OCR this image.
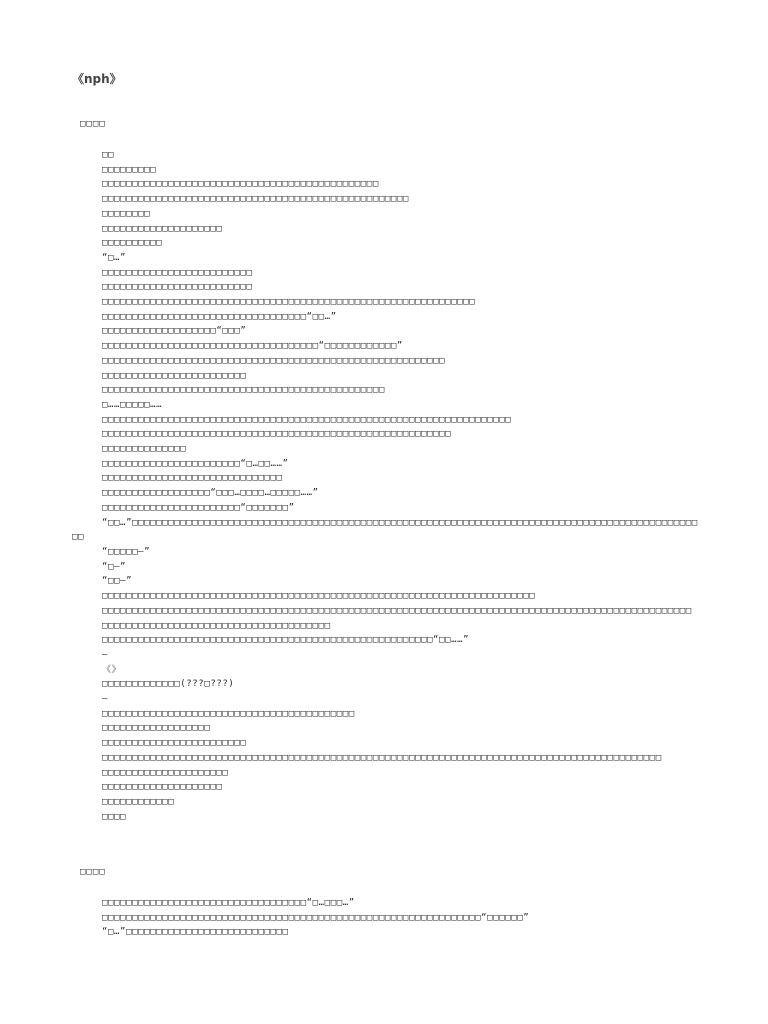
《nph》
□□□□

□□

□□□□□□□□□

□□□□□□□□□□□□□□□□□□□□□□□□□□□□□□□□□□□□□□□□□□□□□□

□□□□□□□□□□□□□□□□□□□□□□□□□□□□□□□□□□□□□□□□□□□□□□□□□□□

□□□□□□□□

□□□□□□□□□□□□□□□□□□□□

□□□□□□□□□□

“□…”

□□□□□□□□□□□□□□□□□□□□□□□□□

□□□□□□□□□□□□□□□□□□□□□□□□□

□□□□□□□□□□□□□□□□□□□□□□□□□□□□□□□□□□□□□□□□□□□□□□□□□□□□□□□□□□□□□□

□□□□□□□□□□□□□□□□□□□□□□□□□□□□□□□□□□“□□…”

□□□□□□□□□□□□□□□□□□□“□□□”

□□□□□□□□□□□□□□□□□□□□□□□□□□□□□□□□□□□□“□□□□□□□□□□□□”

□□□□□□□□□□□□□□□□□□□□□□□□□□□□□□□□□□□□□□□□□□□□□□□□□□□□□□□□□

□□□□□□□□□□□□□□□□□□□□□□□□

□□□□□□□□□□□□□□□□□□□□□□□□□□□□□□□□□□□□□□□□□□□□□□□

□……□□□□□……

□□□□□□□□□□□□□□□□□□□□□□□□□□□□□□□□□□□□□□□□□□□□□□□□□□□□□□□□□□□□□□□□□□□□

□□□□□□□□□□□□□□□□□□□□□□□□□□□□□□□□□□□□□□□□□□□□□□□□□□□□□□□□□□

□□□□□□□□□□□□□□

□□□□□□□□□□□□□□□□□□□□□□□“□…□□……”

□□□□□□□□□□□□□□□□□□□□□□□□□□□□□□

□□□□□□□□□□□□□□□□□□“□□□…□□□□…□□□□□……”

□□□□□□□□□□□□□□□□□□□□□□□“□□□□□□□”

“□□…”□□□□□□□□□□□□□□□□□□□□□□□□□□□□□□□□□□□□□□□□□□□□□□□□□□□□□□□□□□□□□□□□□□□□□□□□□□□□□□□□□□□□□□□□□□□□□□□□

“□□□□□—”

“□—”

“□□—”

□□□□□□□□□□□□□□□□□□□□□□□□□□□□□□□□□□□□□□□□□□□□□□□□□□□□□□□□□□□□□□□□□□□□□□□□

□□□□□□□□□□□□□□□□□□□□□□□□□□□□□□□□□□□□□□□□□□□□□□□□□□□□□□□□□□□□□□□□□□□□□□□□□□□□□□□□□□□□□□□□□□□□□□□□□□

□□□□□□□□□□□□□□□□□□□□□□□□□□□□□□□□□□□□□□

□□□□□□□□□□□□□□□□□□□□□□□□□□□□□□□□□□□□□□□□□□□□□□□□□□□□□□□“□□……”

—

《》

□□□□□□□□□□□□□(???□???)

—

□□□□□□□□□□□□□□□□□□□□□□□□□□□□□□□□□□□□□□□□□□

□□□□□□□□□□□□□□□□□□

□□□□□□□□□□□□□□□□□□□□□□□□

□□□□□□□□□□□□□□□□□□□□□□□□□□□□□□□□□□□□□□□□□□□□□□□□□□□□□□□□□□□□□□□□□□□□□□□□□□□□□□□□□□□□□□□□□□□□□

□□□□□□□□□□□□□□□□□□□□□

□□□□□□□□□□□□□□□□□□□□

□□□□□□□□□□□□

□□□□

□□□□

□□□□□□□□□□□□□□□□□□□□□□□□□□□□□□□□□□“□…□□□…”

□□□□□□□□□□□□□□□□□□□□□□□□□□□□□□□□□□□□□□□□□□□□□□□□□□□□□□□□□□□□□□□“□□□□□□”

“□…”□□□□□□□□□□□□□□□□□□□□□□□□□□□
